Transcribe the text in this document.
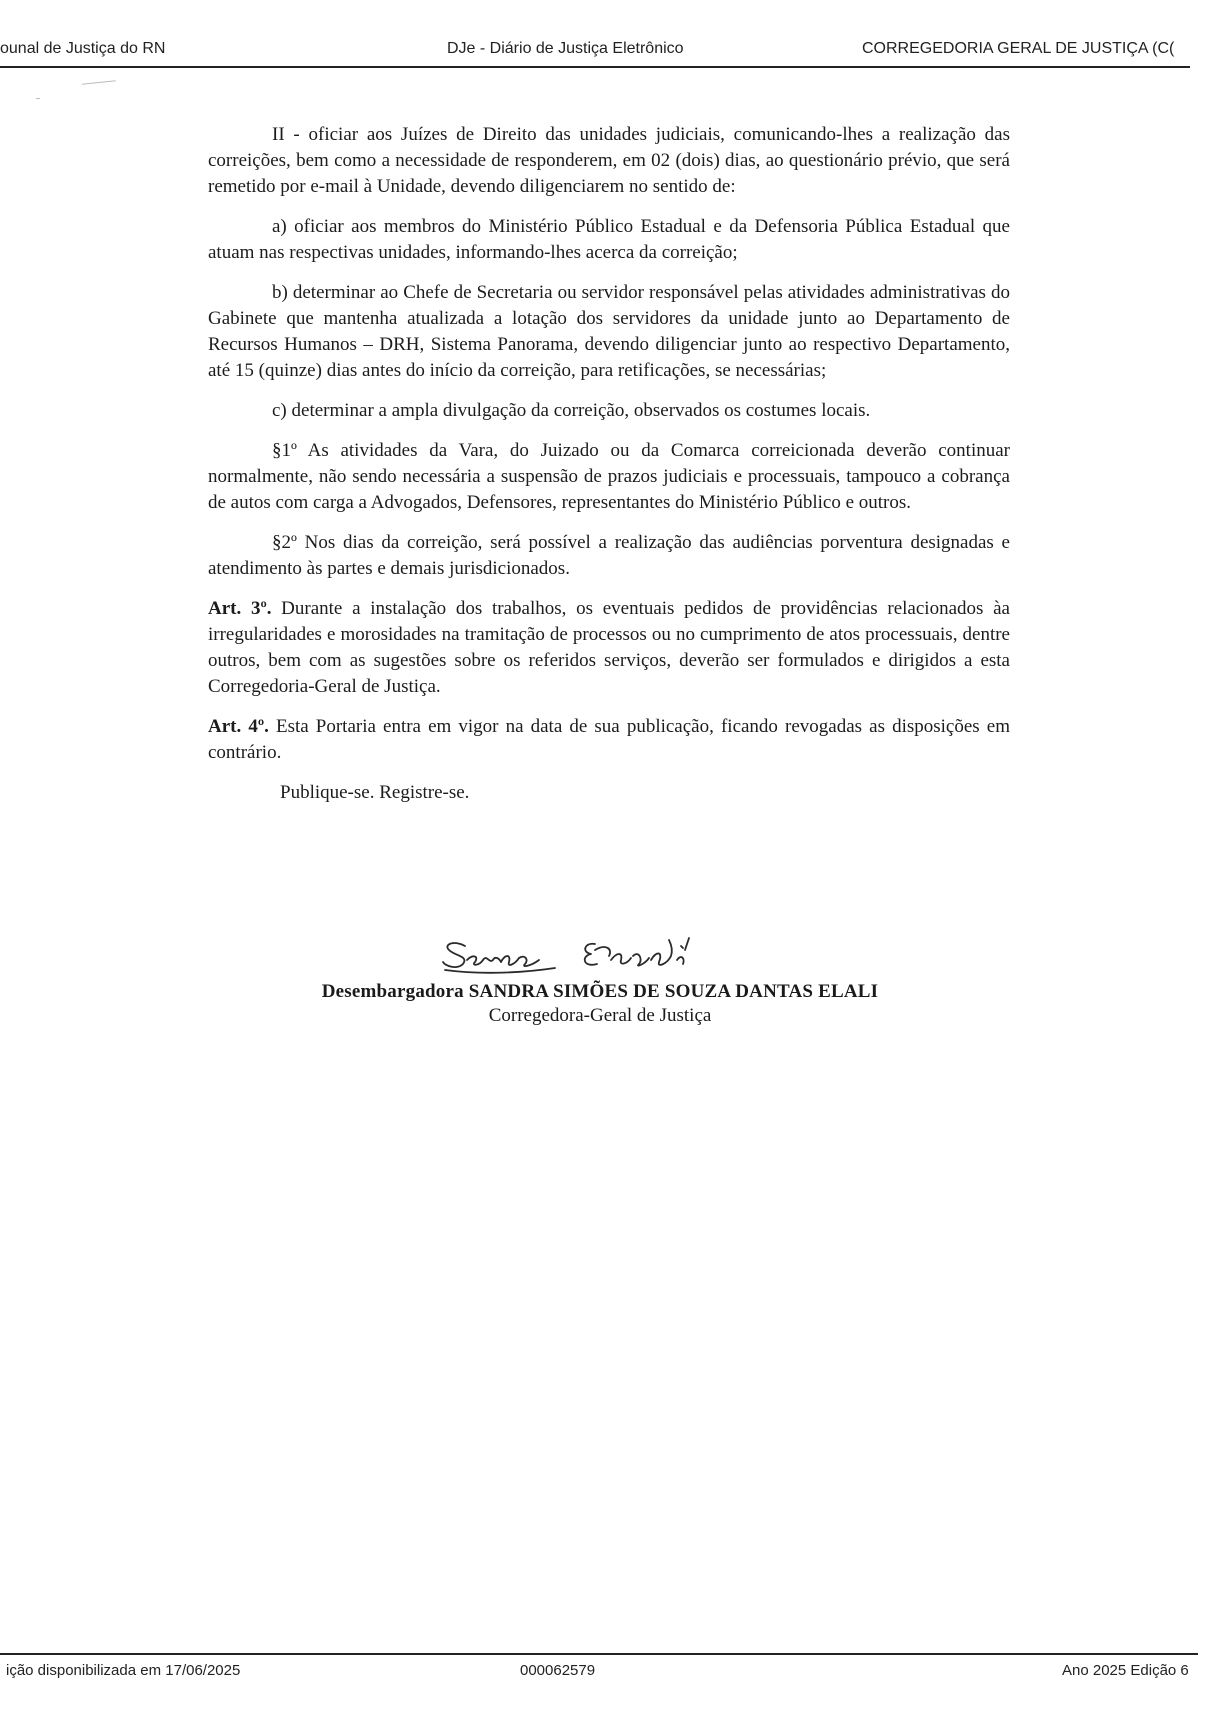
ounal de Justiça do RN	DJe - Diário de Justiça Eletrônico	CORREGEDORIA GERAL DE JUSTIÇA (C(

II - oficiar aos Juízes de Direito das unidades judiciais, comunicando-lhes a realização das correições, bem como a necessidade de responderem, em 02 (dois) dias, ao questionário prévio, que será remetido por e-mail à Unidade, devendo diligenciarem no sentido de:

a) oficiar aos membros do Ministério Público Estadual e da Defensoria Pública Estadual que atuam nas respectivas unidades, informando-lhes acerca da correição;

b) determinar ao Chefe de Secretaria ou servidor responsável pelas atividades administrativas do Gabinete que mantenha atualizada a lotação dos servidores da unidade junto ao Departamento de Recursos Humanos – DRH, Sistema Panorama, devendo diligenciar junto ao respectivo Departamento, até 15 (quinze) dias antes do início da correição, para retificações, se necessárias;

c) determinar a ampla divulgação da correição, observados os costumes locais.

§1º As atividades da Vara, do Juizado ou da Comarca correicionada deverão continuar normalmente, não sendo necessária a suspensão de prazos judiciais e processuais, tampouco a cobrança de autos com carga a Advogados, Defensores, representantes do Ministério Público e outros.

§2º Nos dias da correição, será possível a realização das audiências porventura designadas e atendimento às partes e demais jurisdicionados.

Art. 3º. Durante a instalação dos trabalhos, os eventuais pedidos de providências relacionados àa irregularidades e morosidades na tramitação de processos ou no cumprimento de atos processuais, dentre outros, bem com as sugestões sobre os referidos serviços, deverão ser formulados e dirigidos a esta Corregedoria-Geral de Justiça.

Art. 4º. Esta Portaria entra em vigor na data de sua publicação, ficando revogadas as disposições em contrário.

Publique-se. Registre-se.

Desembargadora SANDRA SIMÕES DE SOUZA DANTAS ELALI
Corregedora-Geral de Justiça
ição disponibilizada em 17/06/2025	000062579	Ano 2025 Edição 6
